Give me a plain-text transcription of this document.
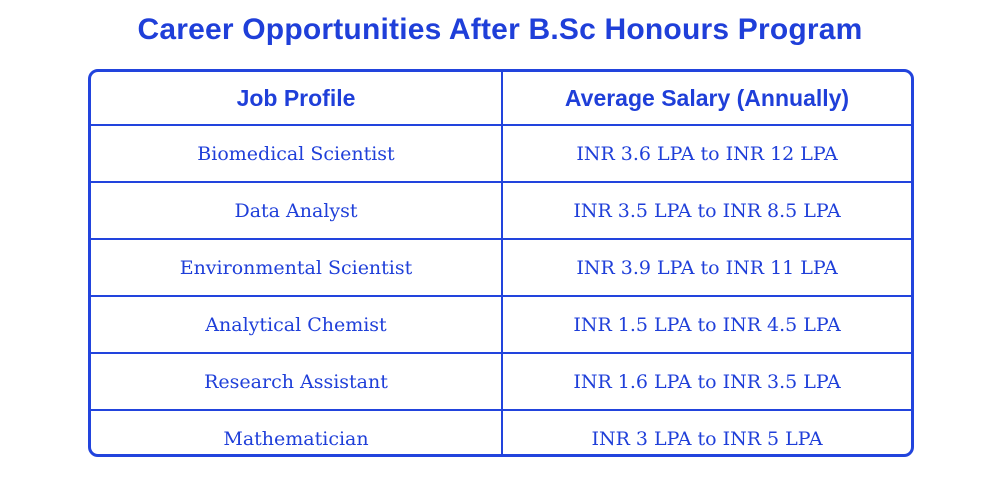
Career Opportunities After B.Sc Honours Program
Job Profile	Average Salary (Annually)
Biomedical Scientist	INR 3.6 LPA to INR 12 LPA
Data Analyst	INR 3.5 LPA to INR 8.5 LPA
Environmental Scientist	INR 3.9 LPA to INR 11 LPA
Analytical Chemist	INR 1.5 LPA to INR 4.5 LPA
Research Assistant	INR 1.6 LPA to INR 3.5 LPA
Mathematician	INR 3 LPA to INR 5 LPA
